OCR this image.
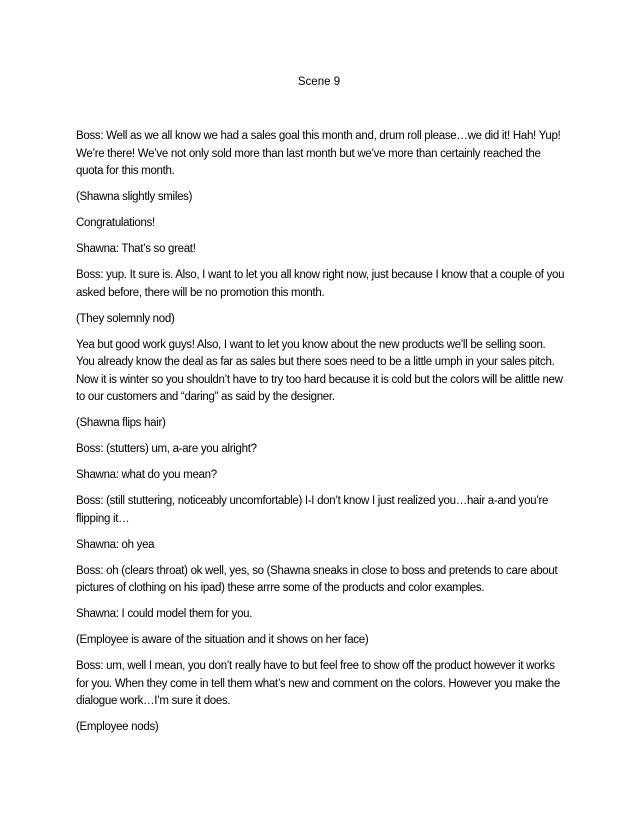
Scene 9

Boss: Well as we all know we had a sales goal this month and, drum roll please…we did it! Hah! Yup! We’re there! We’ve not only sold more than last month but we’ve more than certainly reached the quota for this month.

(Shawna slightly smiles)

Congratulations!

Shawna: That’s so great!

Boss: yup. It sure is. Also, I want to let you all know right now, just because I know that a couple of you asked before, there will be no promotion this month.

(They solemnly nod)

Yea but good work guys! Also, I want to let you know about the new products we’ll be selling soon. You already know the deal as far as sales but there soes need to be a little umph in your sales pitch. Now it is winter so you shouldn’t have to try too hard because it is cold but the colors will be alittle new to our customers and “daring” as said by the designer.

(Shawna flips hair)

Boss: (stutters) um, a-are you alright?

Shawna: what do you mean?

Boss: (still stuttering, noticeably uncomfortable) I-I don’t know I just realized you…hair a-and you’re flipping it…

Shawna: oh yea

Boss: oh (clears throat) ok well, yes, so (Shawna sneaks in close to boss and pretends to care about pictures of clothing on his ipad) these arrre some of the products and color examples.

Shawna: I could model them for you.

(Employee is aware of the situation and it shows on her face)

Boss: um, well I mean, you don’t really have to but feel free to show off the product however it works for you. When they come in tell them what’s new and comment on the colors. However you make the dialogue work…I’m sure it does.

(Employee nods)
